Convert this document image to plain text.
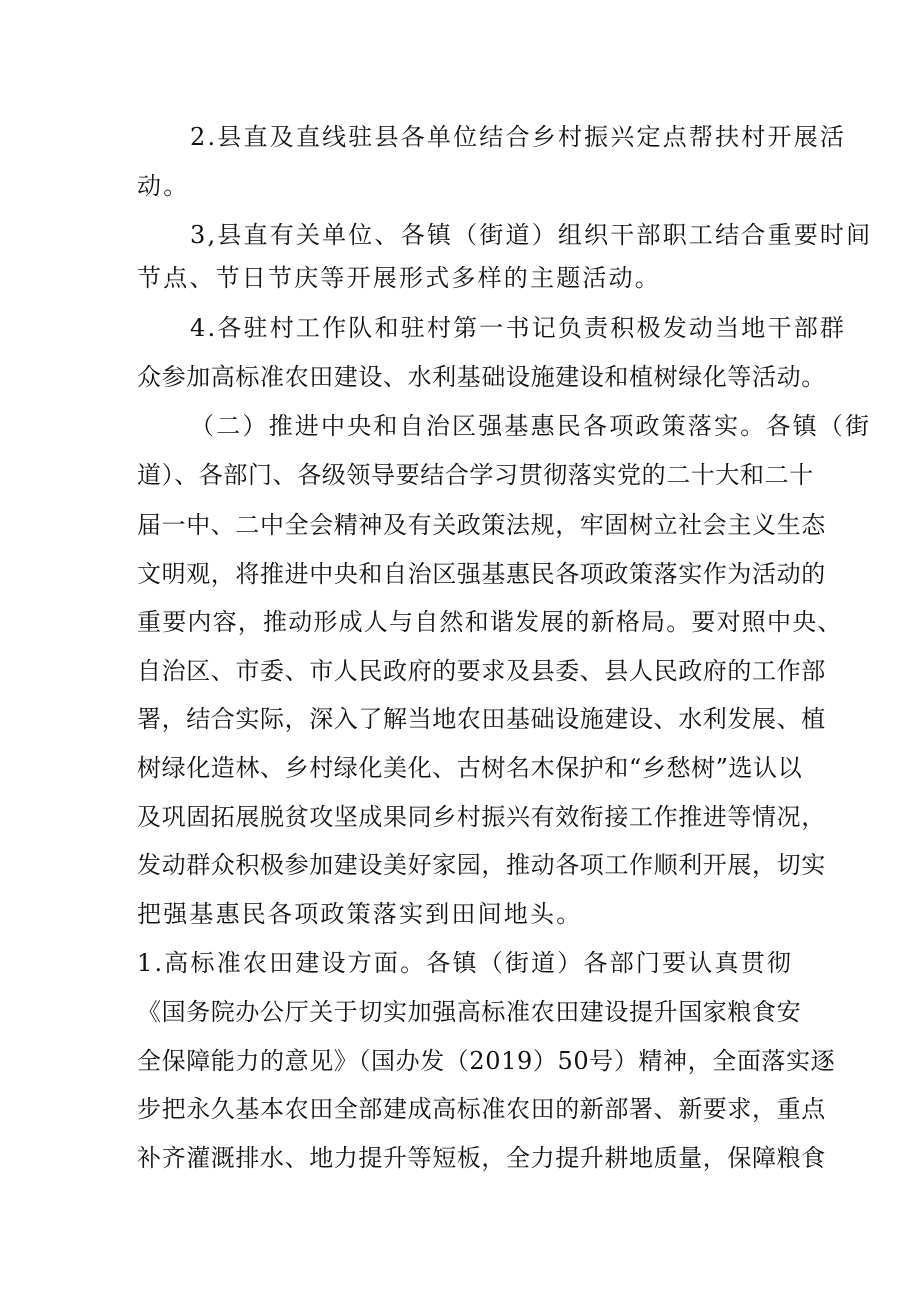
2.县直及直线驻县各单位结合乡村振兴定点帮扶村开展活
动。
3,县直有关单位、各镇（街道）组织干部职工结合重要时间
节点、节日节庆等开展形式多样的主题活动。
4.各驻村工作队和驻村第一书记负责积极发动当地干部群
众参加高标准农田建设、水利基础设施建设和植树绿化等活动。
（二）推进中央和自治区强基惠民各项政策落实。各镇（街
道）、各部门、各级领导要结合学习贯彻落实党的二十大和二十
届一中、二中全会精神及有关政策法规，牢固树立社会主义生态
文明观，将推进中央和自治区强基惠民各项政策落实作为活动的
重要内容，推动形成人与自然和谐发展的新格局。要对照中央、
自治区、市委、市人民政府的要求及县委、县人民政府的工作部
署，结合实际，深入了解当地农田基础设施建设、水利发展、植
树绿化造林、乡村绿化美化、古树名木保护和“乡愁树”选认以
及巩固拓展脱贫攻坚成果同乡村振兴有效衔接工作推进等情况，
发动群众积极参加建设美好家园，推动各项工作顺利开展，切实
把强基惠民各项政策落实到田间地头。
1.高标准农田建设方面。各镇（街道）各部门要认真贯彻
《国务院办公厅关于切实加强高标准农田建设提升国家粮食安
全保障能力的意见》（国办发（2019）50号）精神，全面落实逐
步把永久基本农田全部建成高标准农田的新部署、新要求，重点
补齐灌溉排水、地力提升等短板，全力提升耕地质量，保障粮食
